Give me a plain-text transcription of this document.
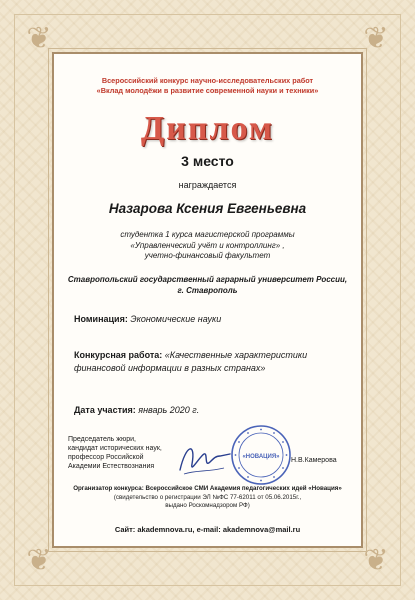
❦	❦
❦	❦
Всероссийский конкурс научно-исследовательских работ
«Вклад молодёжи в развитие современной науки и техники»
Диплом
3 место
награждается
Назарова Ксения Евгеньевна
студентка 1 курса магистерской программы
«Управленческий учёт и контроллинг» ,
учетно-финансовый факультет
Ставропольский государственный аграрный университет России,
г. Ставрополь
Номинация: Экономические науки
Конкурсная работа: «Качественные характеристики финансовой информации в разных странах»
Дата участия: январь 2020 г.
Председатель жюри,
кандидат исторических наук,
профессор Российской
Академии Естествознания
«НОВАЦИЯ» Н.В.Камерова
Организатор конкурса: Всероссийское СМИ Академия педагогических идей «Новация»
(свидетельство о регистрации ЭЛ №ФС 77-62011 от 05.06.2015г.,
выдано Роскомнадзором РФ)
Сайт: akademnova.ru, e-mail: akademnova@mail.ru
